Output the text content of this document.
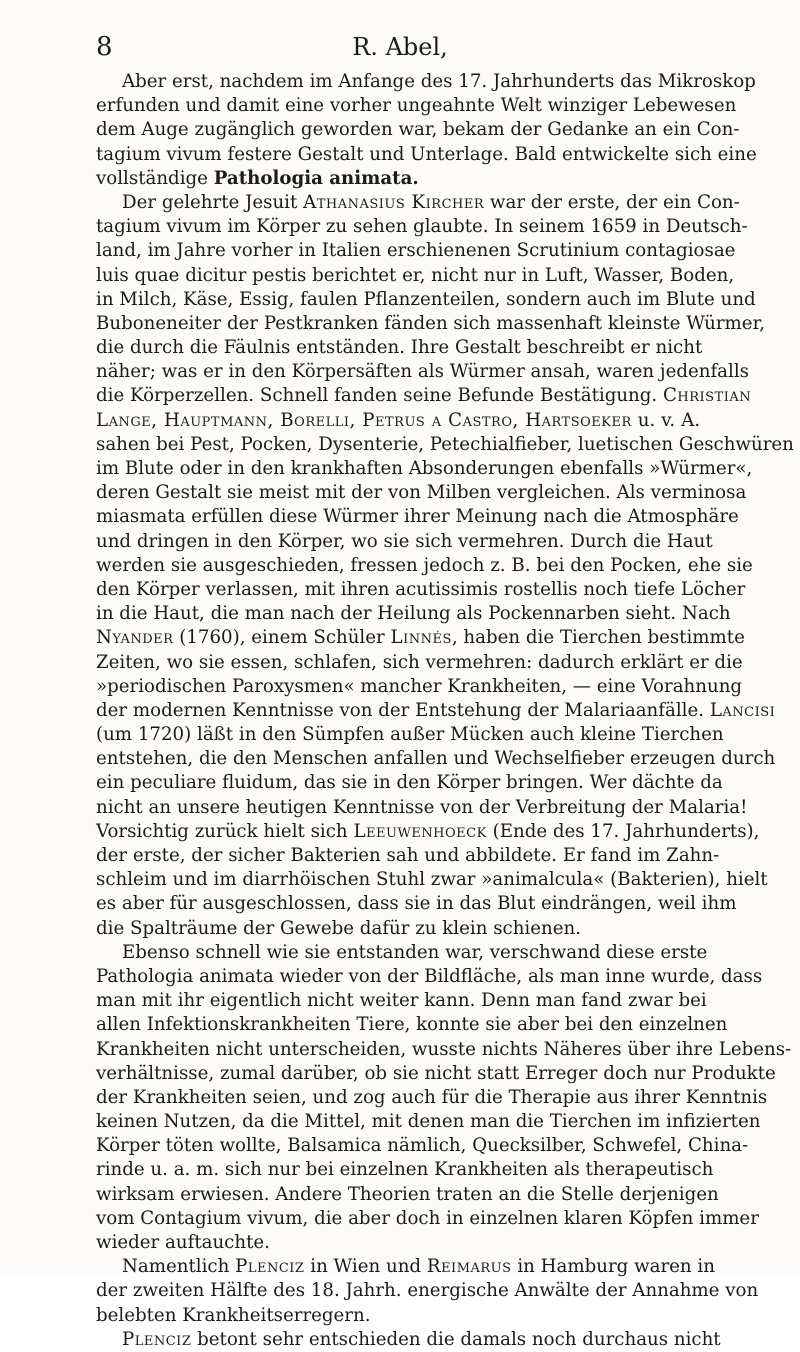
8	R. Abel,
Aber erst, nachdem im Anfange des 17. Jahrhunderts das Mikroskop
erfunden und damit eine vorher ungeahnte Welt winziger Lebewesen
dem Auge zugänglich geworden war, bekam der Gedanke an ein Con-
tagium vivum festere Gestalt und Unterlage. Bald entwickelte sich eine
vollständige Pathologia animata.
Der gelehrte Jesuit Athanasius Kircher war der erste, der ein Con-
tagium vivum im Körper zu sehen glaubte. In seinem 1659 in Deutsch-
land, im Jahre vorher in Italien erschienenen Scrutinium contagiosae
luis quae dicitur pestis berichtet er, nicht nur in Luft, Wasser, Boden,
in Milch, Käse, Essig, faulen Pflanzenteilen, sondern auch im Blute und
Buboneneiter der Pestkranken fänden sich massenhaft kleinste Würmer,
die durch die Fäulnis entständen. Ihre Gestalt beschreibt er nicht
näher; was er in den Körpersäften als Würmer ansah, waren jedenfalls
die Körperzellen. Schnell fanden seine Befunde Bestätigung. Christian
Lange, Hauptmann, Borelli, Petrus a Castro, Hartsoeker u. v. A.
sahen bei Pest, Pocken, Dysenterie, Petechialfieber, luetischen Geschwüren
im Blute oder in den krankhaften Absonderungen ebenfalls »Würmer«,
deren Gestalt sie meist mit der von Milben vergleichen. Als verminosa
miasmata erfüllen diese Würmer ihrer Meinung nach die Atmosphäre
und dringen in den Körper, wo sie sich vermehren. Durch die Haut
werden sie ausgeschieden, fressen jedoch z. B. bei den Pocken, ehe sie
den Körper verlassen, mit ihren acutissimis rostellis noch tiefe Löcher
in die Haut, die man nach der Heilung als Pockennarben sieht. Nach
Nyander (1760), einem Schüler Linnés, haben die Tierchen bestimmte
Zeiten, wo sie essen, schlafen, sich vermehren: dadurch erklärt er die
»periodischen Paroxysmen« mancher Krankheiten, — eine Vorahnung
der modernen Kenntnisse von der Entstehung der Malariaanfälle. Lancisi
(um 1720) läßt in den Sümpfen außer Mücken auch kleine Tierchen
entstehen, die den Menschen anfallen und Wechselfieber erzeugen durch
ein peculiare fluidum, das sie in den Körper bringen. Wer dächte da
nicht an unsere heutigen Kenntnisse von der Verbreitung der Malaria!
Vorsichtig zurück hielt sich Leeuwenhoeck (Ende des 17. Jahrhunderts),
der erste, der sicher Bakterien sah und abbildete. Er fand im Zahn-
schleim und im diarrhöischen Stuhl zwar »animalcula« (Bakterien), hielt
es aber für ausgeschlossen, dass sie in das Blut eindrängen, weil ihm
die Spalträume der Gewebe dafür zu klein schienen.
Ebenso schnell wie sie entstanden war, verschwand diese erste
Pathologia animata wieder von der Bildfläche, als man inne wurde, dass
man mit ihr eigentlich nicht weiter kann. Denn man fand zwar bei
allen Infektionskrankheiten Tiere, konnte sie aber bei den einzelnen
Krankheiten nicht unterscheiden, wusste nichts Näheres über ihre Lebens-
verhältnisse, zumal darüber, ob sie nicht statt Erreger doch nur Produkte
der Krankheiten seien, und zog auch für die Therapie aus ihrer Kenntnis
keinen Nutzen, da die Mittel, mit denen man die Tierchen im infizierten
Körper töten wollte, Balsamica nämlich, Quecksilber, Schwefel, China-
rinde u. a. m. sich nur bei einzelnen Krankheiten als therapeutisch
wirksam erwiesen. Andere Theorien traten an die Stelle derjenigen
vom Contagium vivum, die aber doch in einzelnen klaren Köpfen immer
wieder auftauchte.
Namentlich Plenciz in Wien und Reimarus in Hamburg waren in
der zweiten Hälfte des 18. Jahrh. energische Anwälte der Annahme von
belebten Krankheitserregern.
Plenciz betont sehr entschieden die damals noch durchaus nicht
